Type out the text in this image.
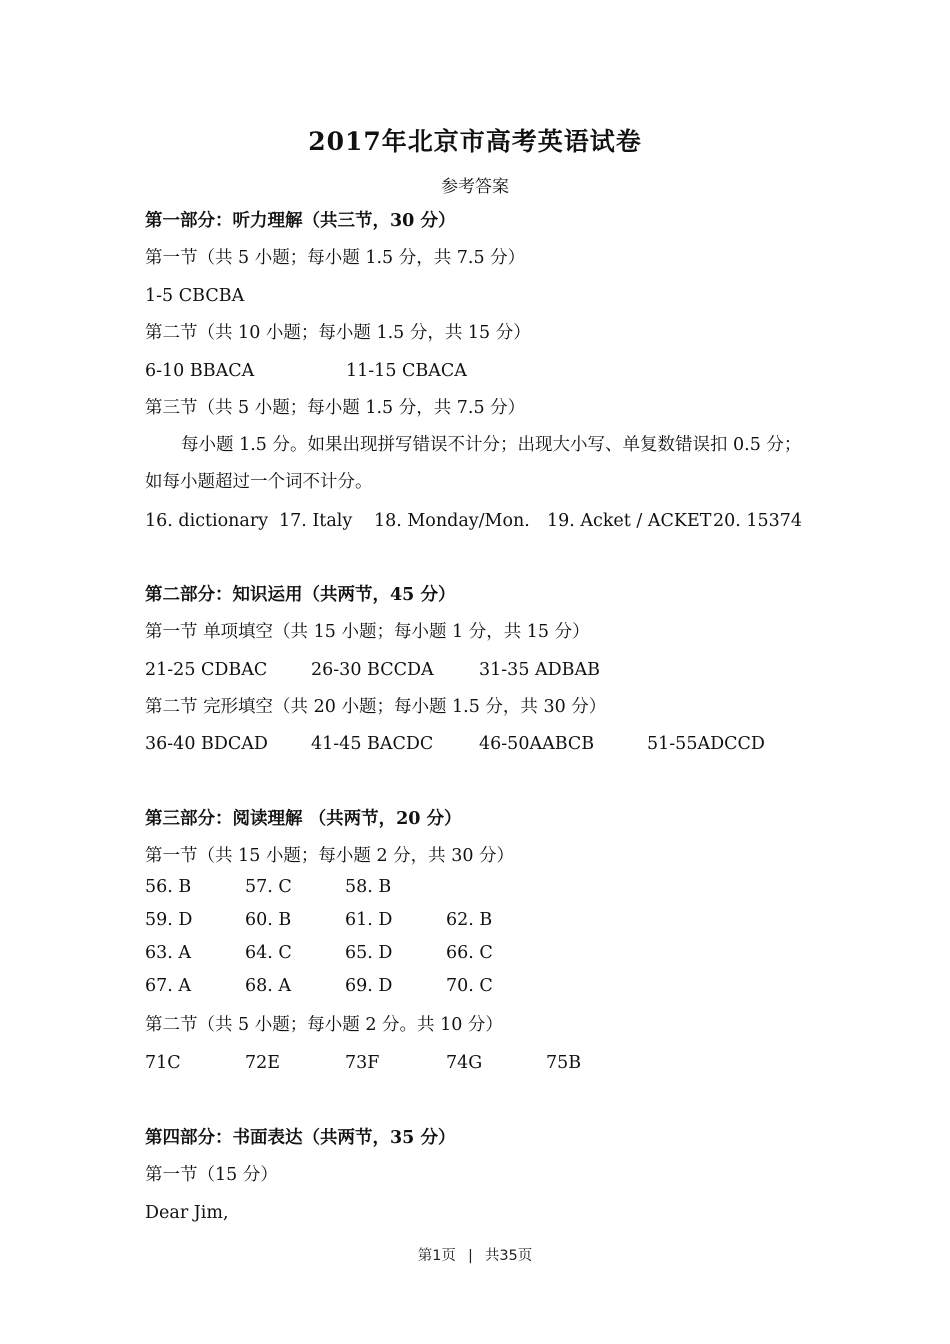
2017年北京市高考英语试卷
参考答案
第一部分：听力理解（共三节，30 分）
第一节（共 5 小题；每小题 1.5 分，共 7.5 分）
1-5 CBCBA
第二节（共 10 小题；每小题 1.5 分，共 15 分）
6-10 BBACA	11-15 CBACA
第三节（共 5 小题；每小题 1.5 分，共 7.5 分）
每小题 1.5 分。如果出现拼写错误不计分；出现大小写、单复数错误扣 0.5 分；如每小题超过一个词不计分。
16. dictionary 17. Italy 18. Monday/Mon. 19. Acket / ACKET 20. 15374
第二部分：知识运用（共两节，45 分）
第一节 单项填空（共 15 小题；每小题 1 分，共 15 分）
21-25 CDBAC 26-30 BCCDA	31-35 ADBAB
第二节 完形填空（共 20 小题；每小题 1.5 分，共 30 分）
36-40 BDCAD 41-45 BACDC	46-50AABCB	51-55ADCCD
第三部分：阅读理解 （共两节，20 分）
第一节（共 15 小题；每小题 2 分，共 30 分）
56. B	57. C	58. B
59. D	60. B	61. D	62. B
63. A	64. C	65. D	66. C
67. A	68. A	69. D	70. C
第二节（共 5 小题；每小题 2 分。共 10 分）
71C	72E	73F	74G	75B
第四部分：书面表达（共两节，35 分）
第一节（15 分）
Dear Jim,
第1页 | 共35页
